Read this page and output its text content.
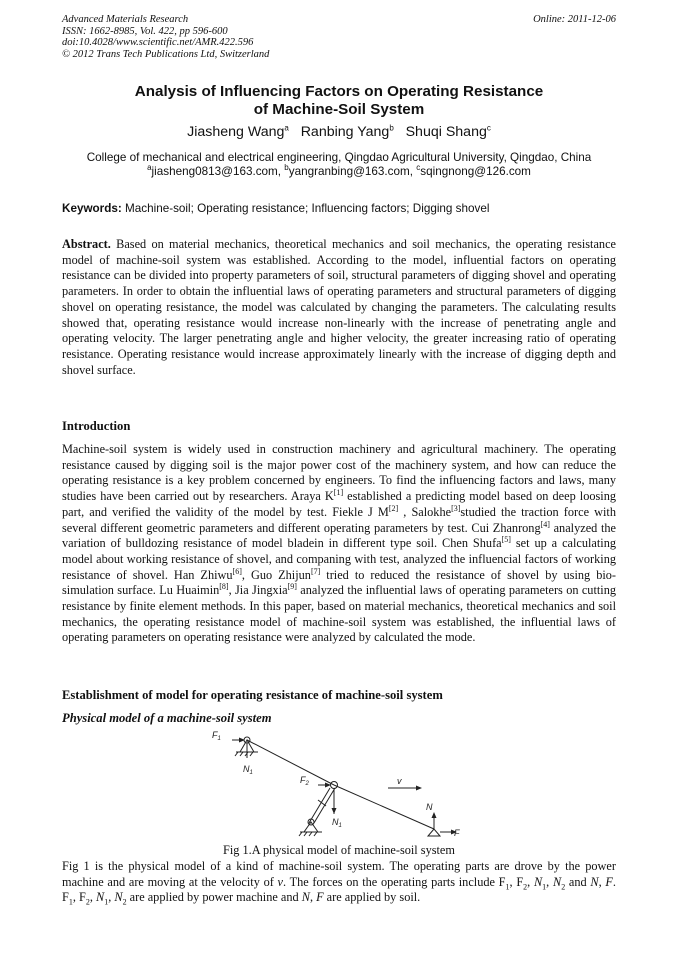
Advanced Materials Research
ISSN: 1662-8985, Vol. 422, pp 596-600
doi:10.4028/www.scientific.net/AMR.422.596
© 2012 Trans Tech Publications Ltd, Switzerland
Online: 2011-12-06
Analysis of Influencing Factors on Operating Resistance
of Machine-Soil System
Jiasheng Wang$^a$ Ranbing Yang$^b$ Shuqi Shang$^c$
College of mechanical and electrical engineering, Qingdao Agricultural University, Qingdao, China
$^a$jiasheng0813@163.com, $^b$yangranbing@163.com, $^c$sqingnong@126.com
Keywords: Machine-soil; Operating resistance; Influencing factors; Digging shovel
Abstract. Based on material mechanics, theoretical mechanics and soil mechanics, the operating resistance model of machine-soil system was established. According to the model, influential factors on operating resistance can be divided into property parameters of soil, structural parameters of digging shovel and operating parameters. In order to obtain the influential laws of operating parameters and structural parameters of digging shovel on operating resistance, the model was calculated by changing the parameters. The calculating results showed that, operating resistance would increase non-linearly with the increase of penetrating angle and operating velocity. The larger penetrating angle and higher velocity, the greater increasing ratio of operating resistance. Operating resistance would increase approximately linearly with the increase of digging depth and shovel surface.
Introduction
Machine-soil system is widely used in construction machinery and agricultural machinery. The operating resistance caused by digging soil is the major power cost of the machinery system, and how can reduce the operating resistance is a key problem concerned by engineers. To find the influencing factors and laws, many studies have been carried out by researchers. Araya K[1] established a predicting model based on deep loosing part, and verified the validity of the model by test. Fiekle J M[2] , Salokhe[3]studied the traction force with several different geometric parameters and different operating parameters by test. Cui Zhanrong[4] analyzed the variation of bulldozing resistance of model bladein in different type soil. Chen Shufa[5] set up a calculating model about working resistance of shovel, and companing with test, analyzed the influencial factors of working resistance of shovel. Han Zhiwu[6], Guo Zhijun[7] tried to reduced the resistance of shovel by using bio-simulation surface. Lu Huaimin[8], Jia Jingxia[9] analyzed the influential laws of operating parameters on cutting resistance by finite element methods. In this paper, based on material mechanics, theoretical mechanics and soil mechanics, the operating resistance model of machine-soil system was established, the influential laws of operating parameters on operating resistance were analyzed by calculated the mode.
Establishment of model for operating resistance of machine-soil system
Physical model of a machine-soil system
$F_1$
$N_1$
$F_2$
$N_1$
v
N
F
Fig 1.A physical model of machine-soil system
Fig 1 is the physical model of a kind of machine-soil system. The operating parts are drove by the power machine and are moving at the velocity of v. The forces on the operating parts include $F_1$, $F_2$, $N_1$, $N_2$ and N, F. $F_1$, $F_2$, $N_1$, $N_2$ are applied by power machine and N, F are applied by soil.
